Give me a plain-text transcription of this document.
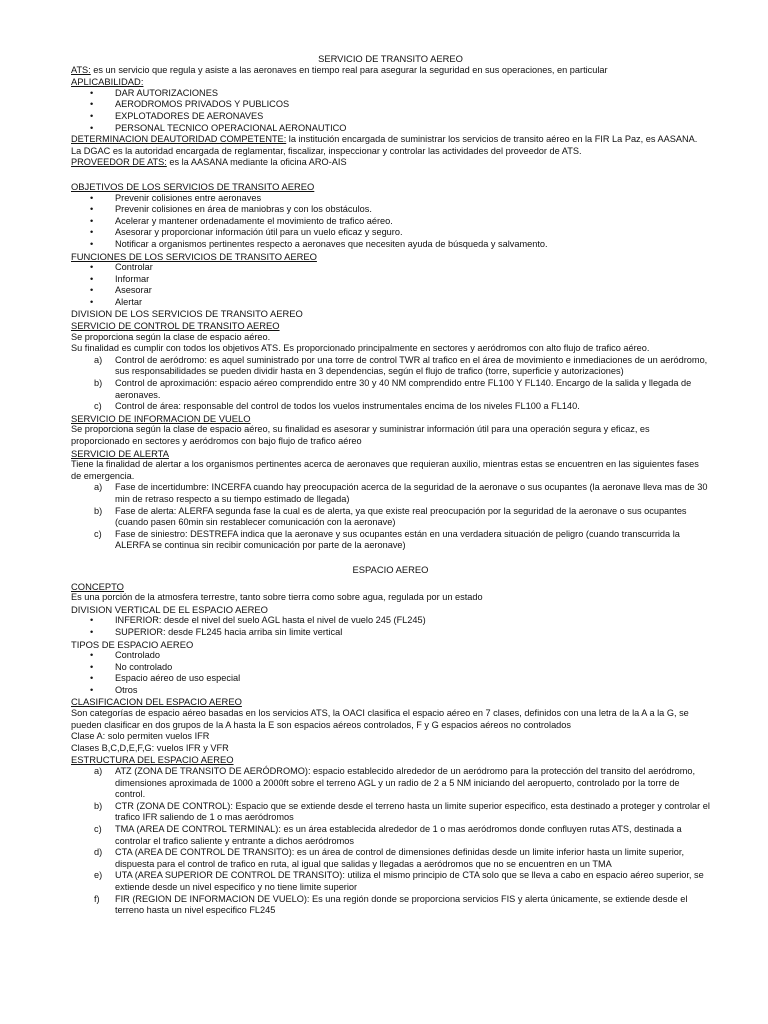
SERVICIO DE TRANSITO AEREO

ATS: es un servicio que regula y asiste a las aeronaves en tiempo real para asegurar la seguridad en sus operaciones, en particular

APLICABILIDAD:
• DAR AUTORIZACIONES
• AERODROMOS PRIVADOS Y PUBLICOS
• EXPLOTADORES DE AERONAVES
• PERSONAL TECNICO OPERACIONAL AERONAUTICO

DETERMINACION DEAUTORIDAD COMPETENTE: la institución encargada de suministrar los servicios de transito aéreo en la FIR La Paz, es AASANA. La DGAC es la autoridad encargada de reglamentar, fiscalizar, inspeccionar y controlar las actividades del proveedor de ATS.

PROVEEDOR DE ATS: es la AASANA mediante la oficina ARO-AIS

OBJETIVOS DE LOS SERVICIOS DE TRANSITO AEREO
• Prevenir colisiones entre aeronaves
• Prevenir colisiones en área de maniobras y con los obstáculos.
• Acelerar y mantener ordenadamente el movimiento de trafico aéreo.
• Asesorar y proporcionar información útil para un vuelo eficaz y seguro.
• Notificar a organismos pertinentes respecto a aeronaves que necesiten ayuda de búsqueda y salvamento.
FUNCIONES DE LOS SERVICIOS DE TRANSITO AEREO
• Controlar
• Informar
• Asesorar
• Alertar
DIVISION DE LOS SERVICIOS DE TRANSITO AEREO
SERVICIO DE CONTROL DE TRANSITO AEREO

Se proporciona según la clase de espacio aéreo.

Su finalidad es cumplir con todos los objetivos ATS. Es proporcionado principalmente en sectores y aeródromos con alto flujo de trafico aéreo.

a) Control de aeródromo: es aquel suministrado por una torre de control TWR al trafico en el área de movimiento e inmediaciones de un aeródromo, sus responsabilidades se pueden dividir hasta en 3 dependencias, según el flujo de trafico (torre, superficie y autorizaciones)
b) Control de aproximación: espacio aéreo comprendido entre 30 y 40 NM comprendido entre FL100 Y FL140. Encargo de la salida y llegada de aeronaves.
c) Control de área: responsable del control de todos los vuelos instrumentales encima de los niveles FL100 a FL140.
SERVICIO DE INFORMACION DE VUELO

Se proporciona según la clase de espacio aéreo, su finalidad es asesorar y suministrar información útil para una operación segura y eficaz, es proporcionado en sectores y aeródromos con bajo flujo de trafico aéreo

SERVICIO DE ALERTA

Tiene la finalidad de alertar a los organismos pertinentes acerca de aeronaves que requieran auxilio, mientras estas se encuentren en las siguientes fases de emergencia.

a) Fase de incertidumbre: INCERFA cuando hay preocupación acerca de la seguridad de la aeronave o sus ocupantes (la aeronave lleva mas de 30 min de retraso respecto a su tiempo estimado de llegada)
b) Fase de alerta: ALERFA segunda fase la cual es de alerta, ya que existe real preocupación por la seguridad de la aeronave o sus ocupantes (cuando pasen 60min sin restablecer comunicación con la aeronave)
c) Fase de siniestro: DESTREFA indica que la aeronave y sus ocupantes están en una verdadera situación de peligro (cuando transcurrida la ALERFA se continua sin recibir comunicación por parte de la aeronave)
ESPACIO AEREO
CONCEPTO

Es una porción de la atmosfera terrestre, tanto sobre tierra como sobre agua, regulada por un estado

DIVISION VERTICAL DE EL ESPACIO AEREO
• INFERIOR: desde el nivel del suelo AGL hasta el nivel de vuelo 245 (FL245)
• SUPERIOR: desde FL245 hacia arriba sin limite vertical
TIPOS DE ESPACIO AEREO
• Controlado
• No controlado
• Espacio aéreo de uso especial
• Otros
CLASIFICACION DEL ESPACIO AEREO

Son categorías de espacio aéreo basadas en los servicios ATS, la OACI clasifica el espacio aéreo en 7 clases, definidos con una letra de la A a la G, se pueden clasificar en dos grupos de la A hasta la E son espacios aéreos controlados, F y G espacios aéreos no controlados

Clase A: solo permiten vuelos IFR

Clases B,C,D,E,F,G: vuelos IFR y VFR

ESTRUCTURA DEL ESPACIO AEREO
a) ATZ (ZONA DE TRANSITO DE AERÓDROMO): espacio establecido alrededor de un aeródromo para la protección del transito del aeródromo, dimensiones aproximada de 1000 a 2000ft sobre el terreno AGL y un radio de 2 a 5 NM iniciando del aeropuerto, controlado por la torre de control.
b) CTR (ZONA DE CONTROL): Espacio que se extiende desde el terreno hasta un limite superior especifico, esta destinado a proteger y controlar el trafico IFR saliendo de 1 o mas aeródromos
c) TMA (AREA DE CONTROL TERMINAL): es un área establecida alrededor de 1 o mas aeródromos donde confluyen rutas ATS, destinada a controlar el trafico saliente y entrante a dichos aeródromos
d) CTA (AREA DE CONTROL DE TRANSITO): es un área de control de dimensiones definidas desde un limite inferior hasta un limite superior, dispuesta para el control de trafico en ruta, al igual que salidas y llegadas a aeródromos que no se encuentren en un TMA
e) UTA (AREA SUPERIOR DE CONTROL DE TRANSITO): utiliza el mismo principio de CTA solo que se lleva a cabo en espacio aéreo superior, se extiende desde un nivel especifico y no tiene limite superior
f) FIR (REGION DE INFORMACION DE VUELO): Es una región donde se proporciona servicios FIS y alerta únicamente, se extiende desde el terreno hasta un nivel especifico FL245
